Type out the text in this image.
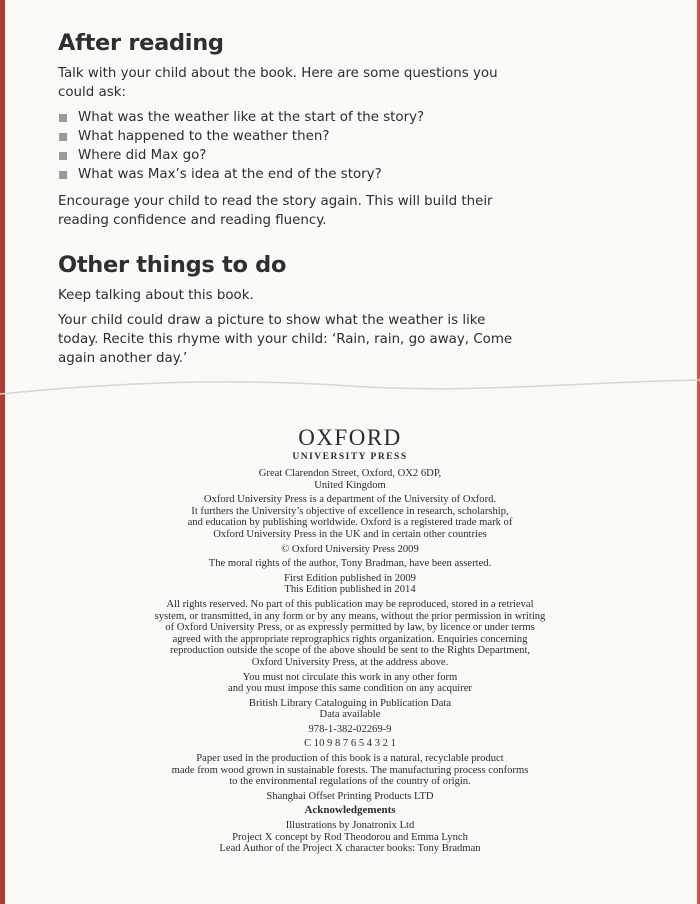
After reading

Talk with your child about the book. Here are some questions you could ask:

What was the weather like at the start of the story?
What happened to the weather then?
Where did Max go?
What was Max’s idea at the end of the story?

Encourage your child to read the story again. This will build their reading confidence and reading fluency.

Other things to do

Keep talking about this book.

Your child could draw a picture to show what the weather is like today. Recite this rhyme with your child: ‘Rain, rain, go away, Come again another day.’

OXFORD
UNIVERSITY PRESS
Great Clarendon Street, Oxford, OX2 6DP,
United Kingdom
Oxford University Press is a department of the University of Oxford.
It furthers the University’s objective of excellence in research, scholarship,
and education by publishing worldwide. Oxford is a registered trade mark of
Oxford University Press in the UK and in certain other countries
© Oxford University Press 2009
The moral rights of the author, Tony Bradman, have been asserted.
First Edition published in 2009
This Edition published in 2014
All rights reserved. No part of this publication may be reproduced, stored in a retrieval
system, or transmitted, in any form or by any means, without the prior permission in writing
of Oxford University Press, or as expressly permitted by law, by licence or under terms
agreed with the appropriate reprographics rights organization. Enquiries concerning
reproduction outside the scope of the above should be sent to the Rights Department,
Oxford University Press, at the address above.
You must not circulate this work in any other form
and you must impose this same condition on any acquirer
British Library Cataloguing in Publication Data
Data available
978-1-382-02269-9
C 10 9 8 7 6 5 4 3 2 1
Paper used in the production of this book is a natural, recyclable product
made from wood grown in sustainable forests. The manufacturing process conforms
to the environmental regulations of the country of origin.
Shanghai Offset Printing Products LTD
Acknowledgements
Illustrations by Jonatronix Ltd
Project X concept by Rod Theodorou and Emma Lynch
Lead Author of the Project X character books: Tony Bradman
